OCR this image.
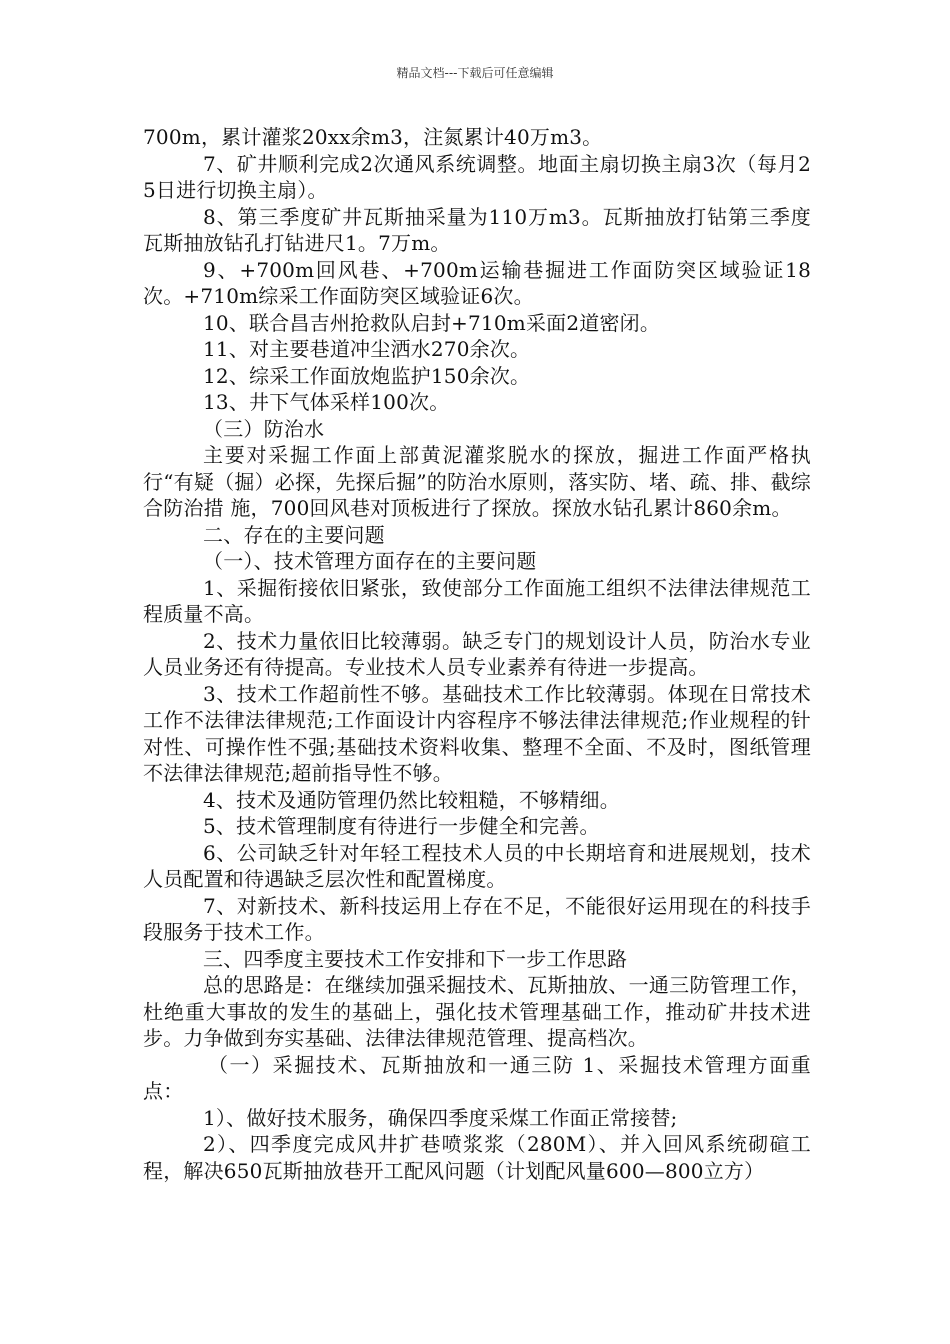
精品文档---下载后可任意编辑

700m，累计灌浆20xx余m3，注氮累计40万m3。

7、矿井顺利完成2次通风系统调整。地面主扇切换主扇3次（每月25日进行切换主扇）。

8、第三季度矿井瓦斯抽采量为110万m3。瓦斯抽放打钻第三季度瓦斯抽放钻孔打钻进尺1。7万m。

9、+700m回风巷、+700m运输巷掘进工作面防突区域验证18次。+710m综采工作面防突区域验证6次。

10、联合昌吉州抢救队启封+710m采面2道密闭。

11、对主要巷道冲尘洒水270余次。

12、综采工作面放炮监护150余次。

13、井下气体采样100次。

（三）防治水

主要对采掘工作面上部黄泥灌浆脱水的探放，掘进工作面严格执行“有疑（掘）必探，先探后掘”的防治水原则，落实防、堵、疏、排、截综合防治措 施，700回风巷对顶板进行了探放。探放水钻孔累计860余m。

二、存在的主要问题

（一）、技术管理方面存在的主要问题

1、采掘衔接依旧紧张，致使部分工作面施工组织不法律法律规范工程质量不高。

2、技术力量依旧比较薄弱。缺乏专门的规划设计人员，防治水专业人员业务还有待提高。专业技术人员专业素养有待进一步提高。

3、技术工作超前性不够。基础技术工作比较薄弱。体现在日常技术工作不法律法律规范;工作面设计内容程序不够法律法律规范;作业规程的针对性、可操作性不强;基础技术资料收集、整理不全面、不及时，图纸管理不法律法律规范;超前指导性不够。

4、技术及通防管理仍然比较粗糙，不够精细。

5、技术管理制度有待进行一步健全和完善。

6、公司缺乏针对年轻工程技术人员的中长期培育和进展规划，技术人员配置和待遇缺乏层次性和配置梯度。

7、对新技术、新科技运用上存在不足，不能很好运用现在的科技手段服务于技术工作。

三、四季度主要技术工作安排和下一步工作思路

总的思路是：在继续加强采掘技术、瓦斯抽放、一通三防管理工作，杜绝重大事故的发生的基础上，强化技术管理基础工作，推动矿井技术进步。力争做到夯实基础、法律法律规范管理、提高档次。

（一）采掘技术、瓦斯抽放和一通三防 1、采掘技术管理方面重点：

1）、做好技术服务，确保四季度采煤工作面正常接替;

2）、四季度完成风井扩巷喷浆浆（280M）、并入回风系统砌碹工程，解决650瓦斯抽放巷开工配风问题（计划配风量600—800立方）
